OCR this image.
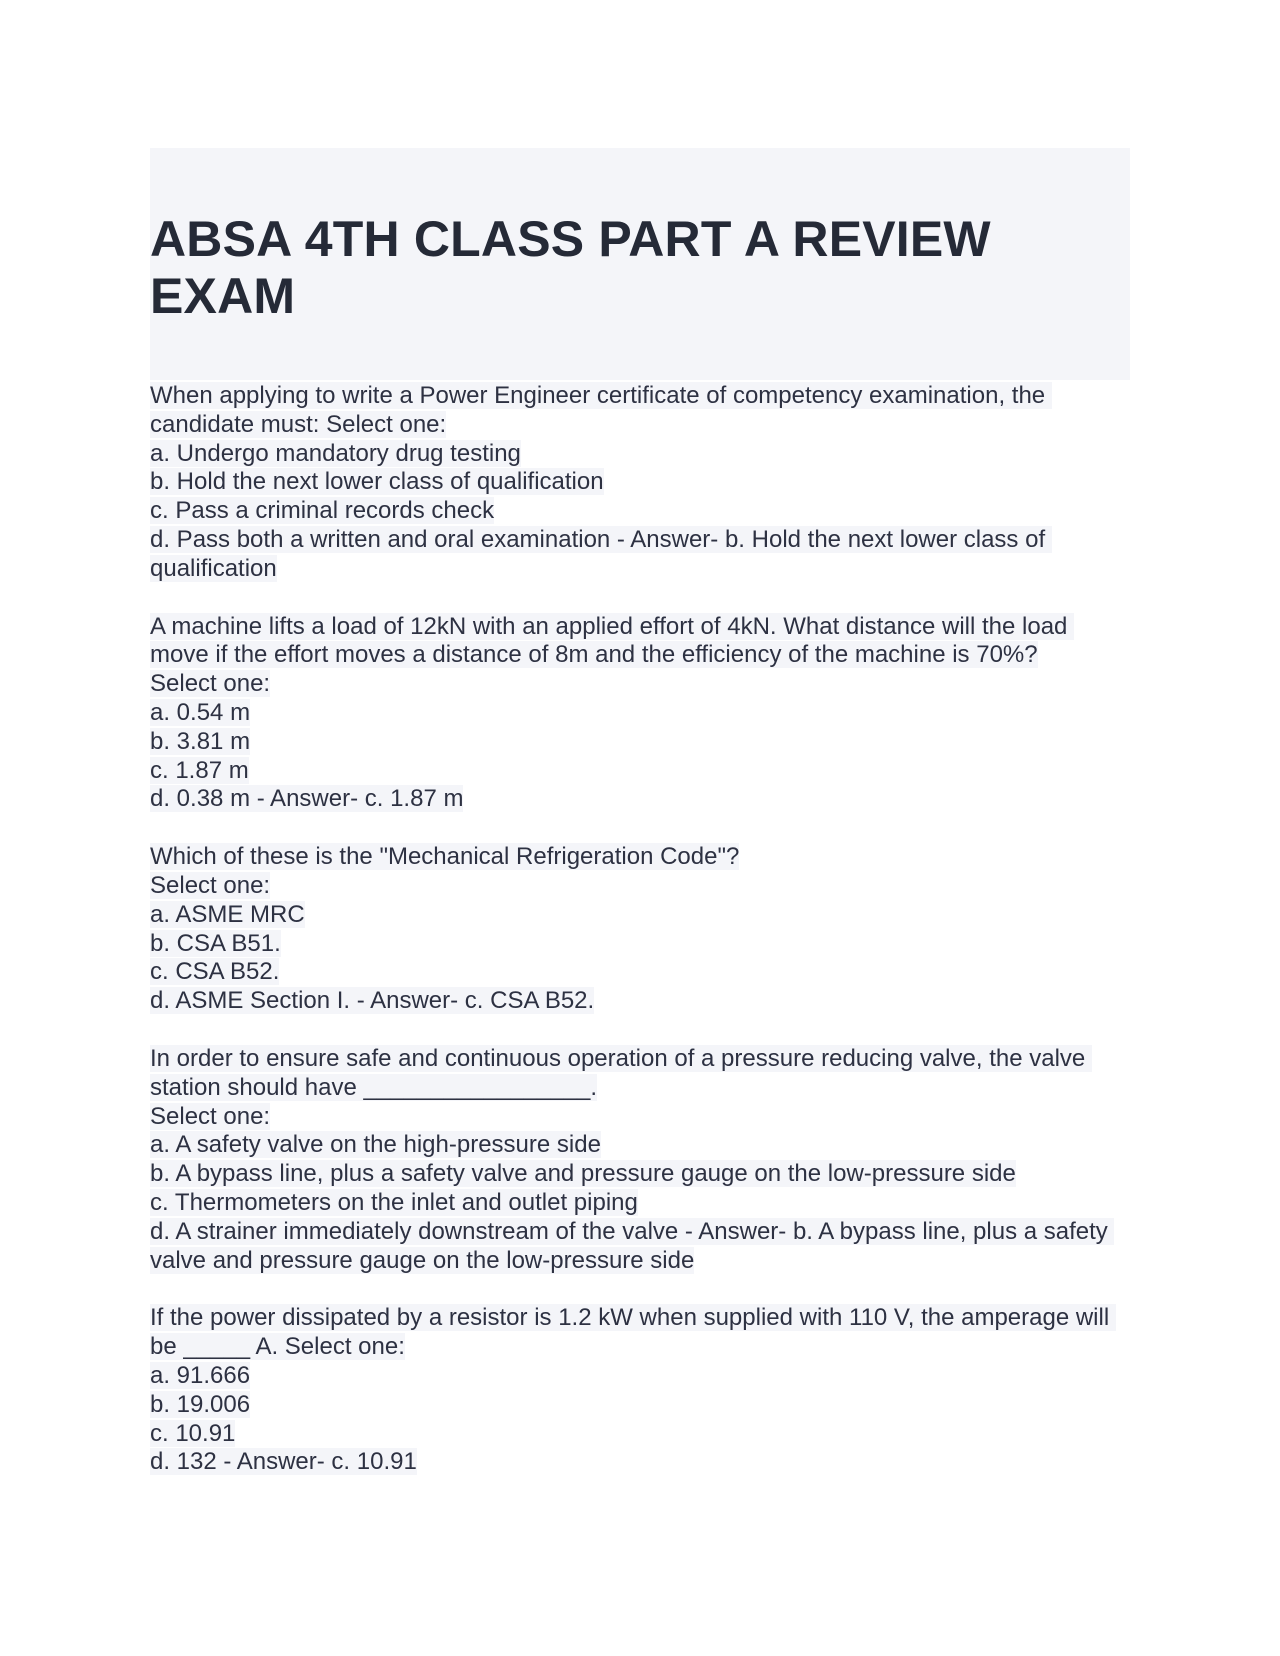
ABSA 4TH CLASS PART A REVIEW EXAM
When applying to write a Power Engineer certificate of competency examination, the candidate must: Select one:
a. Undergo mandatory drug testing
b. Hold the next lower class of qualification
c. Pass a criminal records check
d. Pass both a written and oral examination - Answer- b. Hold the next lower class of qualification
A machine lifts a load of 12kN with an applied effort of 4kN. What distance will the load move if the effort moves a distance of 8m and the efficiency of the machine is 70%?
Select one:
a. 0.54 m
b. 3.81 m
c. 1.87 m
d. 0.38 m - Answer- c. 1.87 m
Which of these is the "Mechanical Refrigeration Code"?
Select one:
a. ASME MRC
b. CSA B51.
c. CSA B52.
d. ASME Section I. - Answer- c. CSA B52.
In order to ensure safe and continuous operation of a pressure reducing valve, the valve station should have _________________.
Select one:
a. A safety valve on the high-pressure side
b. A bypass line, plus a safety valve and pressure gauge on the low-pressure side
c. Thermometers on the inlet and outlet piping
d. A strainer immediately downstream of the valve - Answer- b. A bypass line, plus a safety valve and pressure gauge on the low-pressure side
If the power dissipated by a resistor is 1.2 kW when supplied with 110 V, the amperage will be _____ A. Select one:
a. 91.666
b. 19.006
c. 10.91
d. 132 - Answer- c. 10.91
